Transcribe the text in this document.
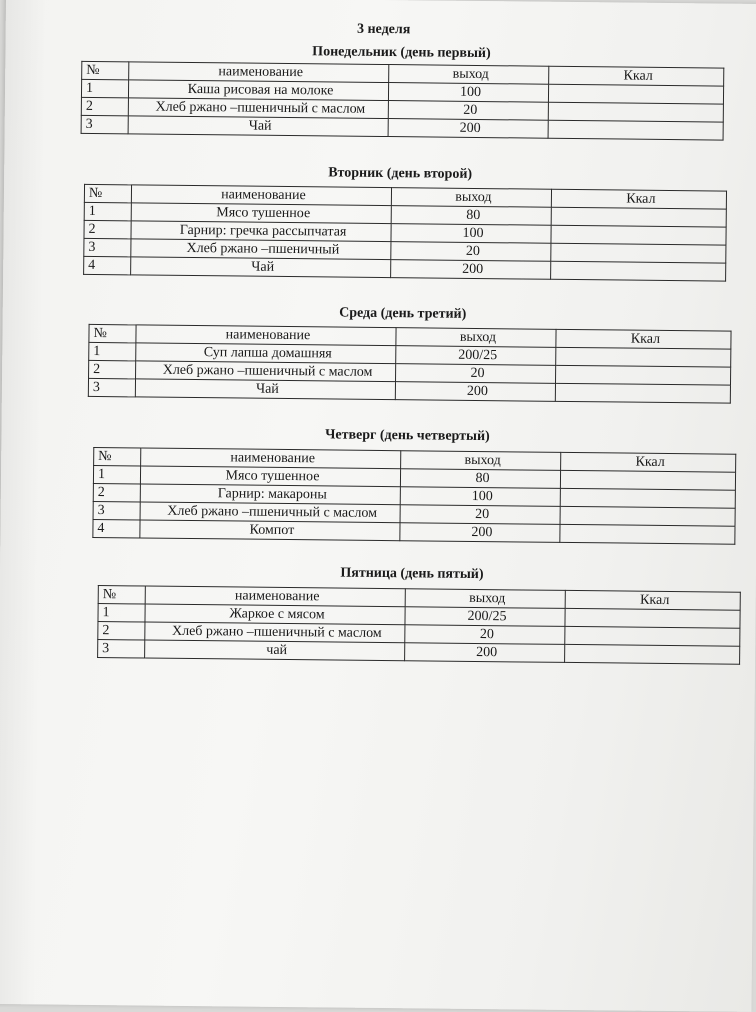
3 неделя
Понедельник (день первый)
№	наименование	выход	Ккал
1	Каша рисовая на молоке	100	
2	Хлеб ржано –пшеничный с маслом	20	
3	Чай	200	
Вторник (день второй)
№	наименование	выход	Ккал
1	Мясо тушенное	80	
2	Гарнир: гречка рассыпчатая	100	
3	Хлеб ржано –пшеничный	20	
4	Чай	200	
Среда (день третий)
№	наименование	выход	Ккал
1	Суп лапша домашняя	200/25	
2	Хлеб ржано –пшеничный с маслом	20	
3	Чай	200	
Четверг (день четвертый)
№	наименование	выход	Ккал
1	Мясо тушенное	80	
2	Гарнир: макароны	100	
3	Хлеб ржано –пшеничный с маслом	20	
4	Компот	200	
Пятница (день пятый)
№	наименование	выход	Ккал
1	Жаркое с мясом	200/25	
2	Хлеб ржано –пшеничный с маслом	20	
3	чай	200	
